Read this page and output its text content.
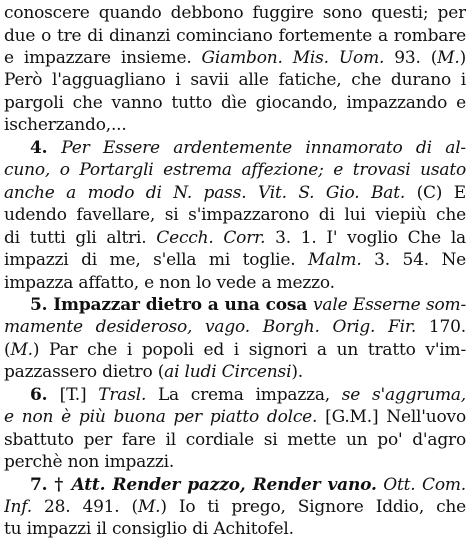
conoscere quando debbono fuggire sono questi; per
due o tre di dinanzi cominciano fortemente a rombare
e impazzare insieme. Giambon. Mis. Uom. 93. (M.)
Però l'agguagliano i savii alle fatiche, che durano i
pargoli che vanno tutto dìe giocando, impazzando e
ischerzando,...
4. Per Essere ardentemente innamorato di al-
cuno, o Portargli estrema affezione; e trovasi usato
anche a modo di N. pass. Vit. S. Gio. Bat. (C) E
udendo favellare, si s'impazzarono di lui viepiù che
di tutti gli altri. Cecch. Corr. 3. 1. I' voglio Che la
impazzi di me, s'ella mi toglie. Malm. 3. 54. Ne
impazza affatto, e non lo vede a mezzo.
5. Impazzar dietro a una cosa vale Esserne som-
mamente desideroso, vago. Borgh. Orig. Fir. 170.
(M.) Par che i popoli ed i signori a un tratto v'im-
pazzassero dietro (ai ludi Circensi).
6. [T.] Trasl. La crema impazza, se s'aggruma,
e non è più buona per piatto dolce. [G.M.] Nell'uovo
sbattuto per fare il cordiale si mette un po' d'agro
perchè non impazzi.
7. † Att. Render pazzo, Render vano. Ott. Com.
Inf. 28. 491. (M.) Io ti prego, Signore Iddio, che
tu impazzi il consiglio di Achitofel.
